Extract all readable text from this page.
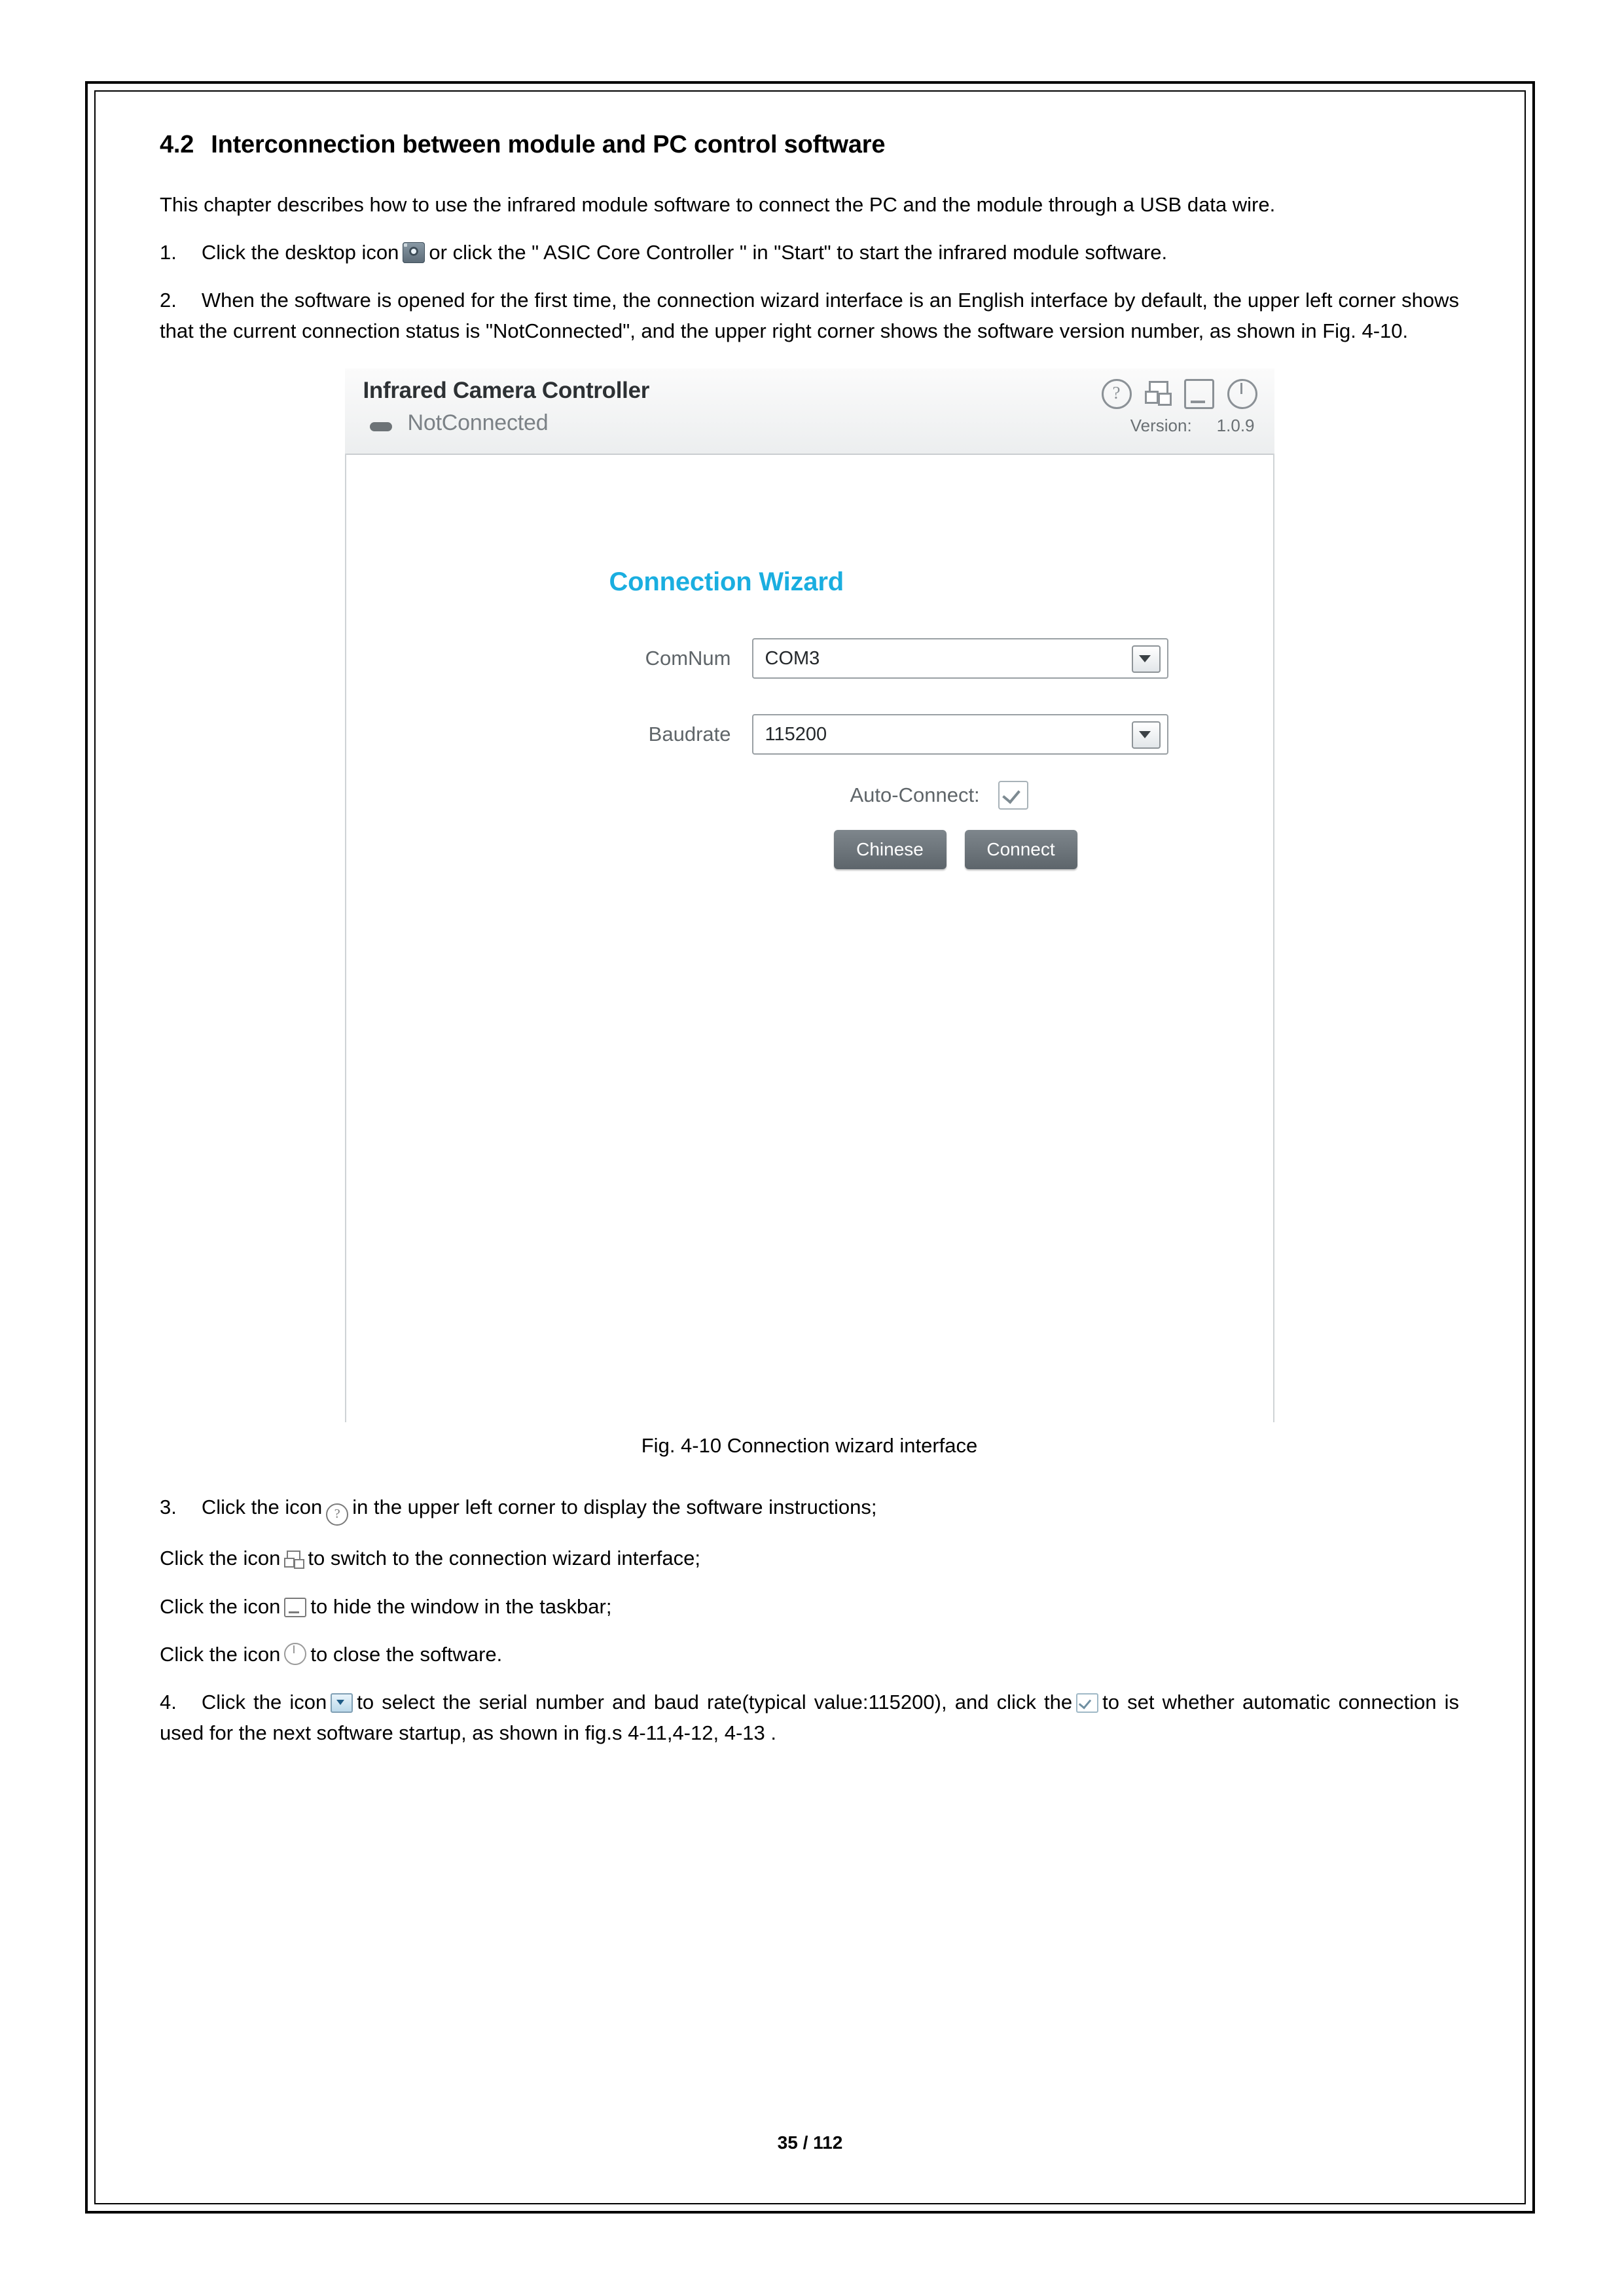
4.2 Interconnection between module and PC control software

This chapter describes how to use the infrared module software to connect the PC and the module through a USB data wire.

1. Click the desktop icon or click the " ASIC Core Controller " in "Start" to start the infrared module software.

2. When the software is opened for the first time, the connection wizard interface is an English interface by default, the upper left corner shows that the current connection status is "NotConnected", and the upper right corner shows the software version number, as shown in Fig. 4-10.

Infrared Camera Controller
NotConnected
?
Version: 1.0.9
Connection Wizard
ComNum	COM3
Baudrate	115200
Auto-Connect:
Chinese	Connect
Fig. 4-10 Connection wizard interface

3. Click the icon ? in the upper left corner to display the software instructions;

Click the icon to switch to the connection wizard interface;

Click the icon to hide the window in the taskbar;

Click the icon to close the software.

4. Click the icon to select the serial number and baud rate(typical value:115200), and click the to set whether automatic connection is used for the next software startup, as shown in fig.s 4-11,4-12, 4-13 .

35 / 112
